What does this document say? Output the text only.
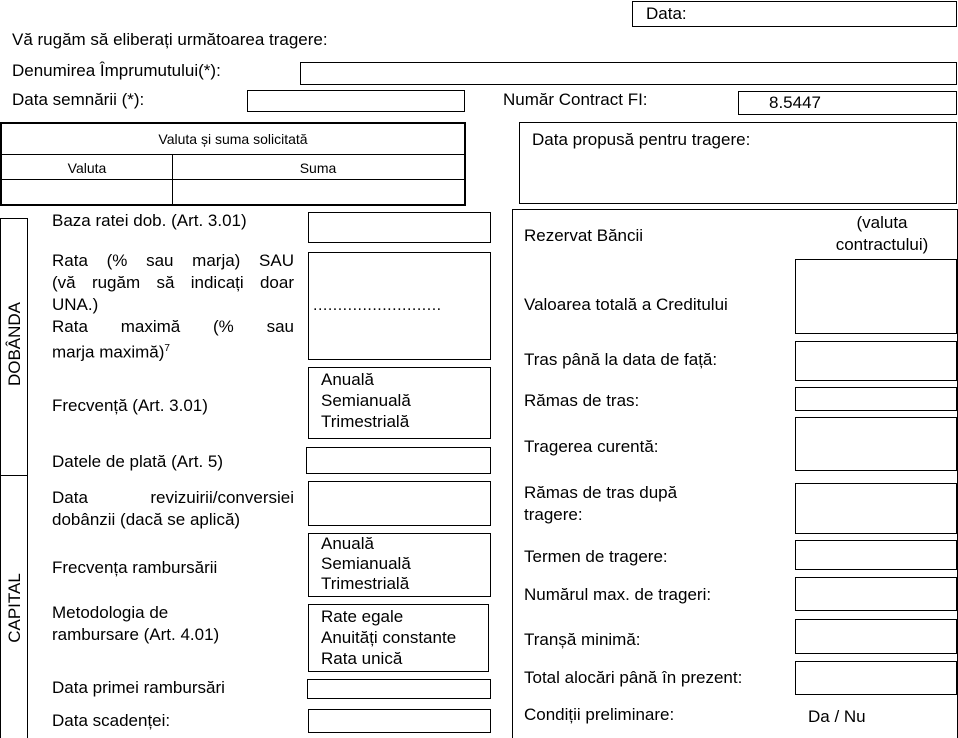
Data:
Vă rugăm să eliberați următoarea tragere:
Denumirea Împrumutului(*):
Data semnării (*):	Număr Contract FI:	8.5447
Valuta și suma solicitată
Valuta	Suma
Data propusă pentru tragere:
DOBÂNDA
CAPITAL
Baza ratei dob. (Art. 3.01)
Rata (% sau marja) SAU
(vă rugăm să indicați doar
UNA.)
Rata maximă (% sau
marja maximă)$^7$
..........................
Frecvență (Art. 3.01)
Anuală
Semianuală
Trimestrială
Datele de plată (Art. 5)
Data revizuirii/conversiei
dobânzii (dacă se aplică)
Frecvența rambursării
Anuală
Semianuală
Trimestrială
Metodologia de
rambursare (Art. 4.01)
Rate egale
Anuități constante
Rata unică
Data primei rambursări
Data scadenței:
Rezervat Băncii
(valuta
contractului)
Valoarea totală a Creditului
Tras până la data de față:
Rămas de tras:
Tragerea curentă:
Rămas de tras după
tragere:
Termen de tragere:
Numărul max. de trageri:
Tranșă minimă:
Total alocări până în prezent:
Condiții preliminare:	Da / Nu
